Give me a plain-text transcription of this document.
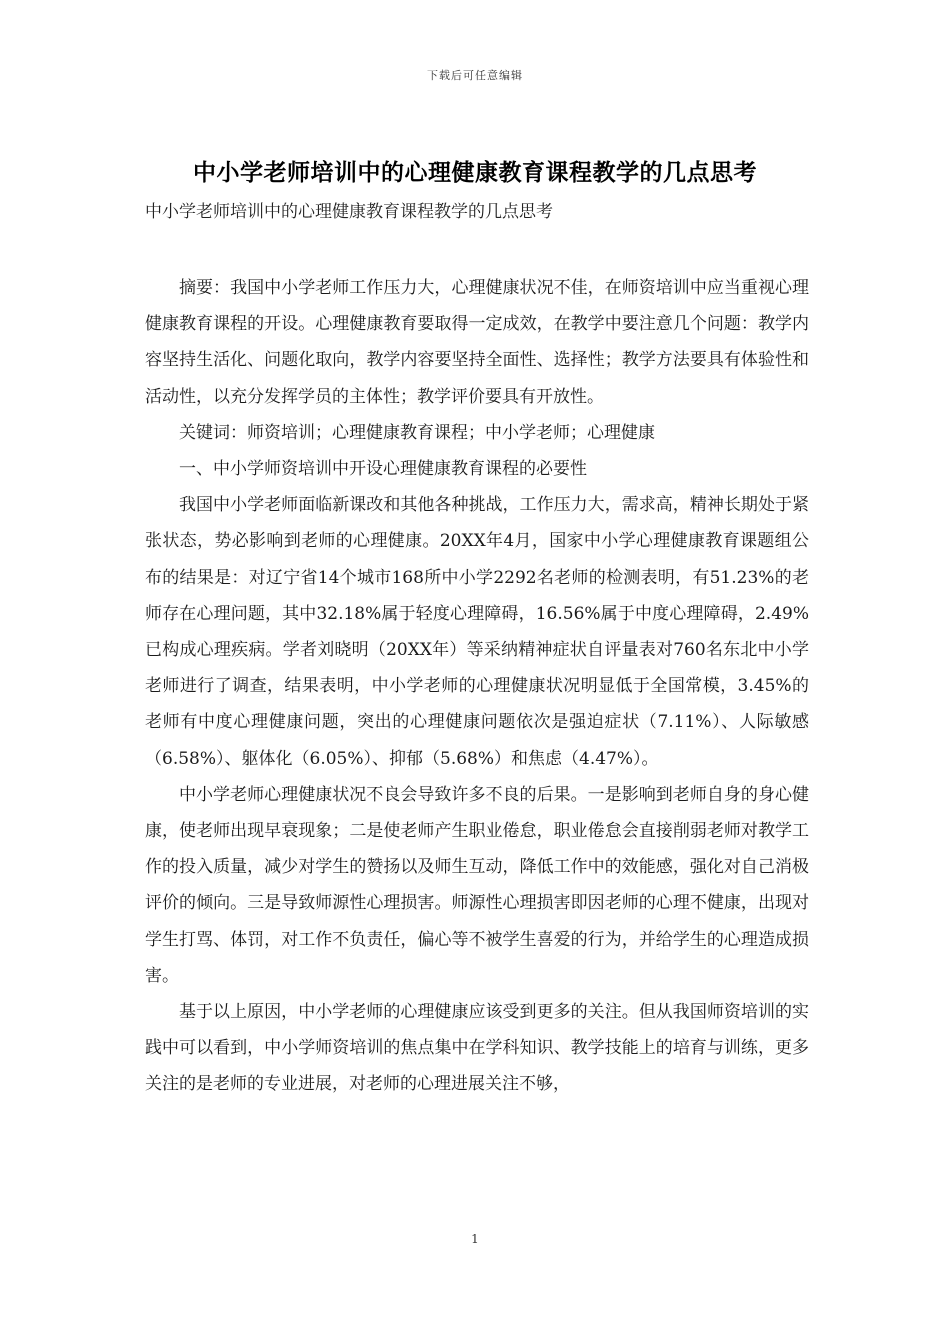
下载后可任意编辑
中小学老师培训中的心理健康教育课程教学的几点思考
中小学老师培训中的心理健康教育课程教学的几点思考

摘要：我国中小学老师工作压力大，心理健康状况不佳，在师资培训中应当重视心理健康教育课程的开设。心理健康教育要取得一定成效，在教学中要注意几个问题：教学内容坚持生活化、问题化取向，教学内容要坚持全面性、选择性；教学方法要具有体验性和活动性，以充分发挥学员的主体性；教学评价要具有开放性。

关键词：师资培训；心理健康教育课程；中小学老师；心理健康

一、中小学师资培训中开设心理健康教育课程的必要性

我国中小学老师面临新课改和其他各种挑战，工作压力大，需求高，精神长期处于紧张状态，势必影响到老师的心理健康。20XX年4月，国家中小学心理健康教育课题组公布的结果是：对辽宁省14个城市168所中小学2292名老师的检测表明，有51.23%的老师存在心理问题，其中32.18%属于轻度心理障碍，16.56%属于中度心理障碍，2.49%已构成心理疾病。学者刘晓明（20XX年）等采纳精神症状自评量表对760名东北中小学老师进行了调查，结果表明，中小学老师的心理健康状况明显低于全国常模，3.45%的老师有中度心理健康问题，突出的心理健康问题依次是强迫症状（7.11%）、人际敏感（6.58%）、躯体化（6.05%）、抑郁（5.68%）和焦虑（4.47%）。

中小学老师心理健康状况不良会导致许多不良的后果。一是影响到老师自身的身心健康，使老师出现早衰现象；二是使老师产生职业倦怠，职业倦怠会直接削弱老师对教学工作的投入质量，减少对学生的赞扬以及师生互动，降低工作中的效能感，强化对自己消极评价的倾向。三是导致师源性心理损害。师源性心理损害即因老师的心理不健康，出现对学生打骂、体罚，对工作不负责任，偏心等不被学生喜爱的行为，并给学生的心理造成损害。

基于以上原因，中小学老师的心理健康应该受到更多的关注。但从我国师资培训的实践中可以看到，中小学师资培训的焦点集中在学科知识、教学技能上的培育与训练，更多关注的是老师的专业进展，对老师的心理进展关注不够，

1
